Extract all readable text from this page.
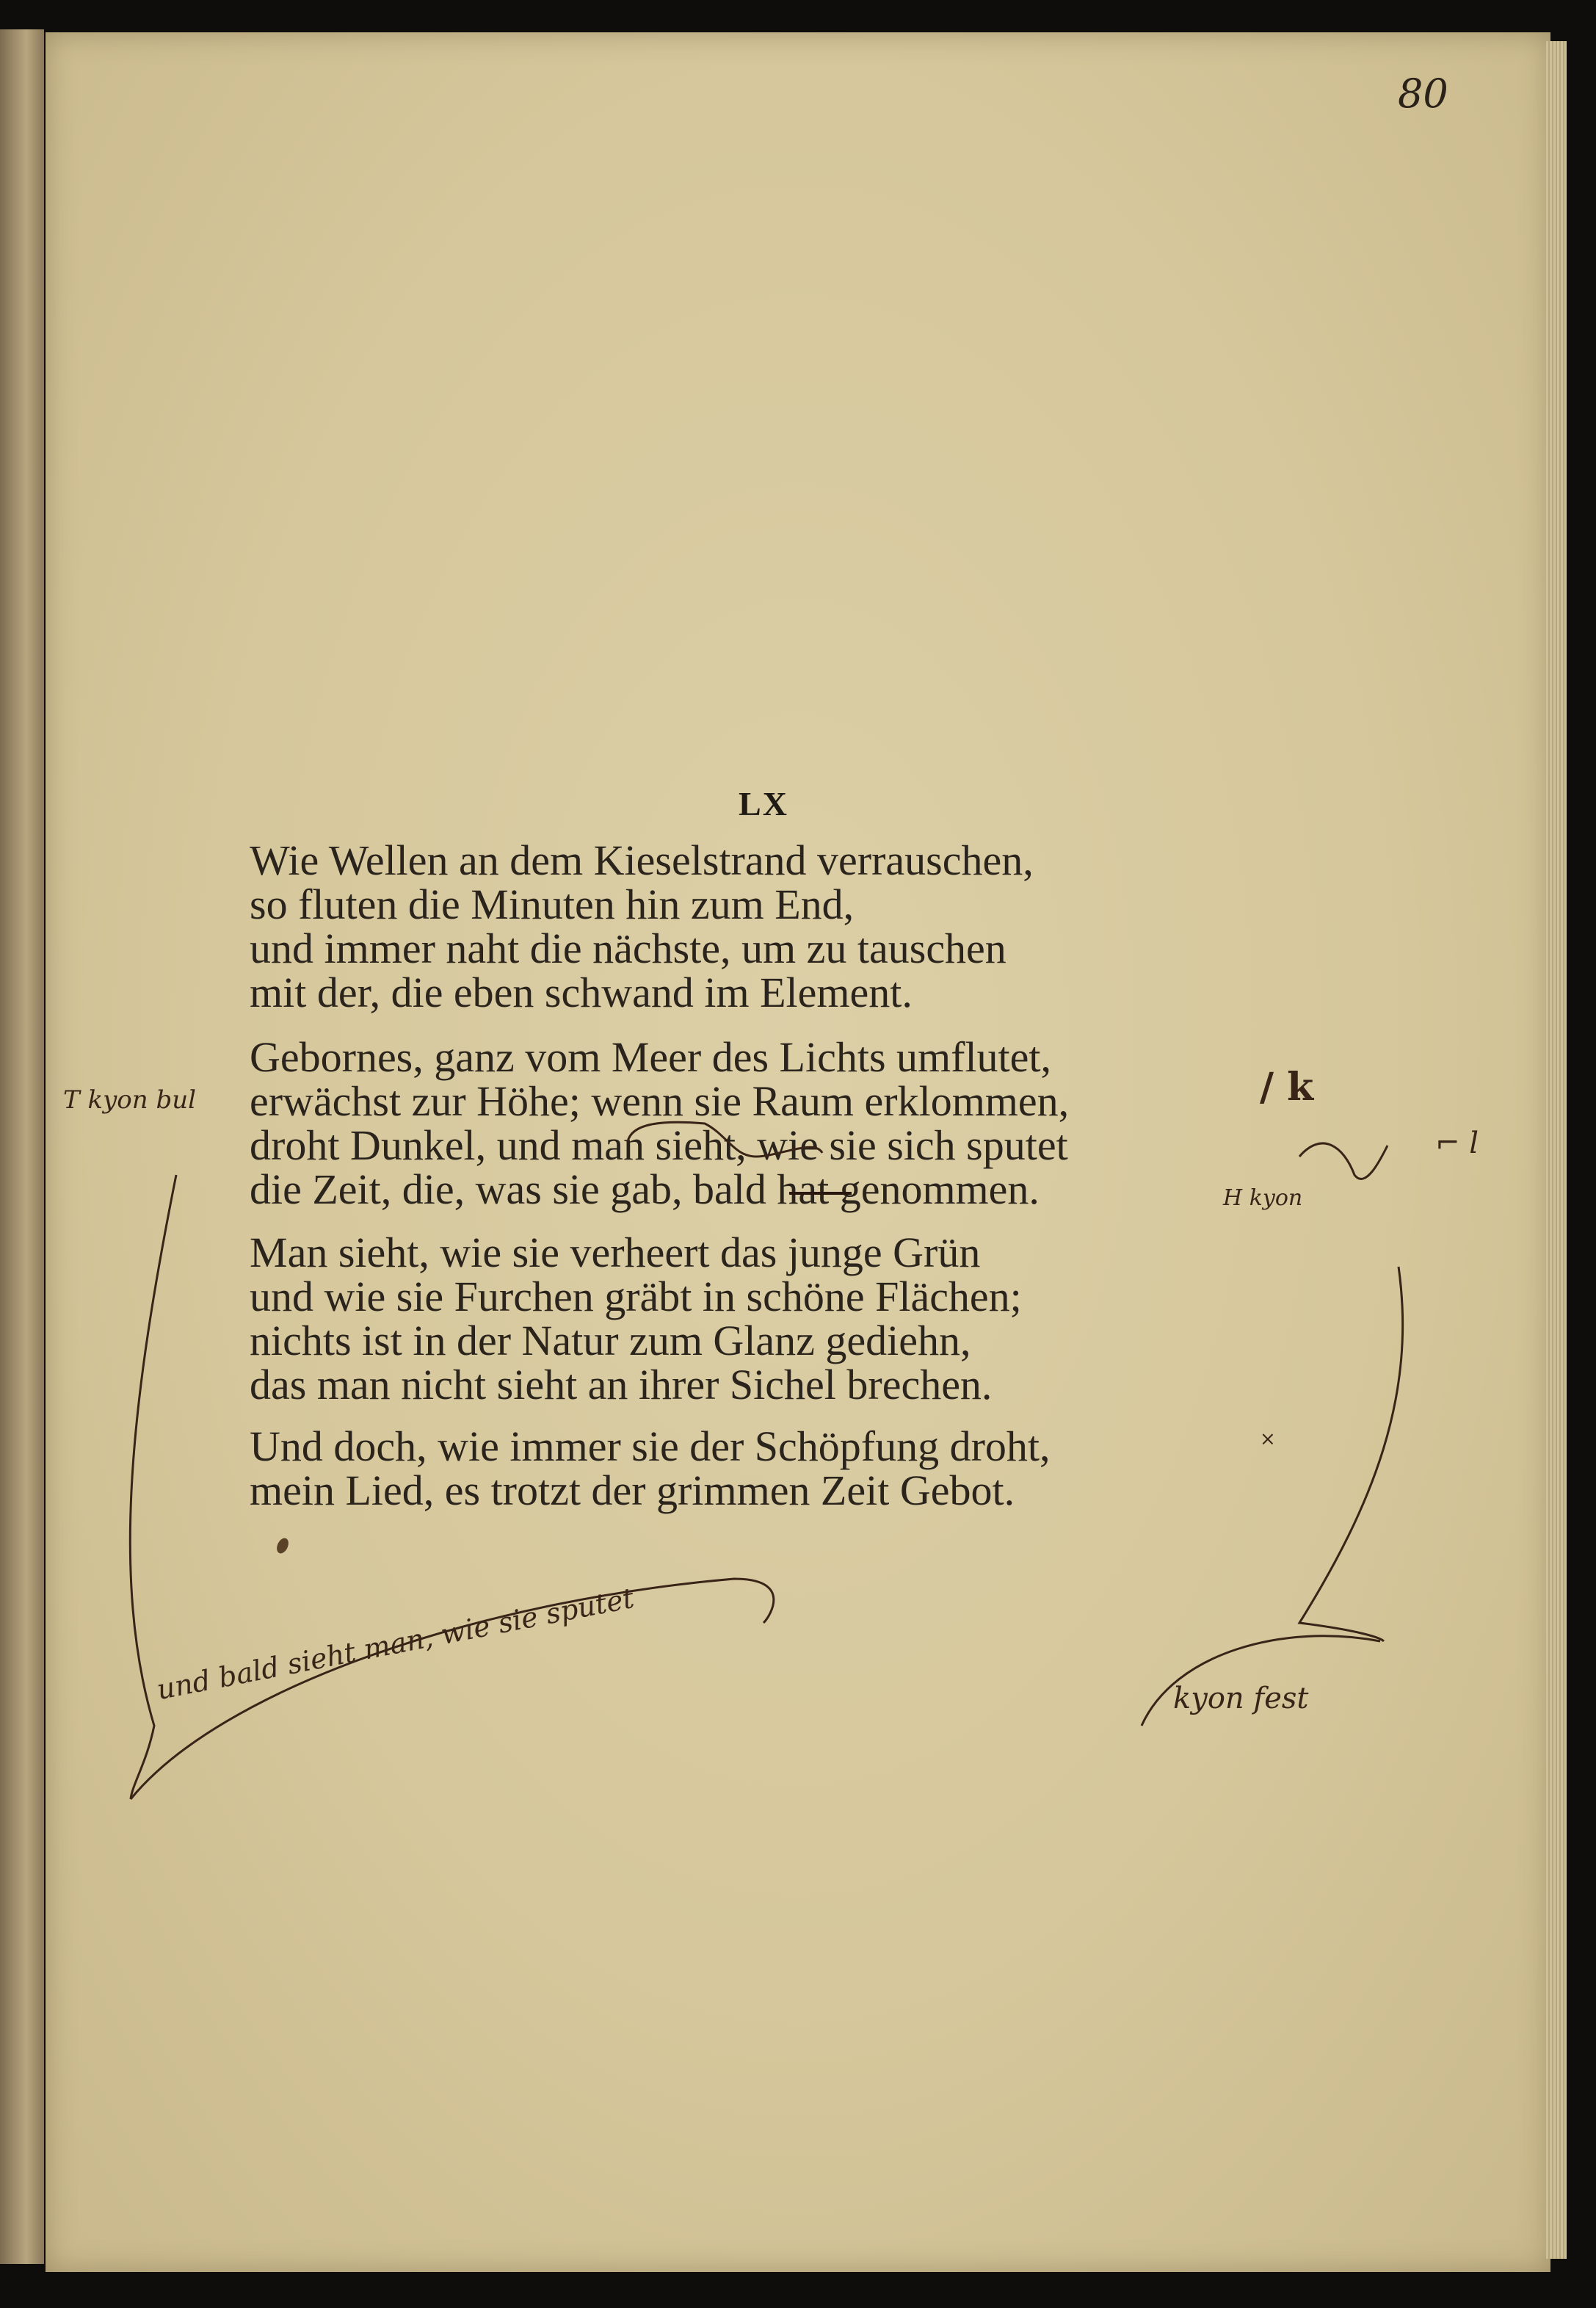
80
LX
Wie Wellen an dem Kieselstrand verrauschen,
so fluten die Minuten hin zum End,
und immer naht die nächste, um zu tauschen
mit der, die eben schwand im Element.
Gebornes, ganz vom Meer des Lichts umflutet,
erwächst zur Höhe; wenn sie Raum erklommen,
droht Dunkel, und man sieht, wie sie sich sputet
die Zeit, die, was sie gab, bald hat genommen.
Man sieht, wie sie verheert das junge Grün
und wie sie Furchen gräbt in schöne Flächen;
nichts ist in der Natur zum Glanz gediehn,
das man nicht sieht an ihrer Sichel brechen.
Und doch, wie immer sie der Schöpfung droht,
mein Lied, es trotzt der grimmen Zeit Gebot.
T kyon bul	/ k
⌐ l
H kyon
kyon fest
×
und bald sieht man, wie sie sputet
